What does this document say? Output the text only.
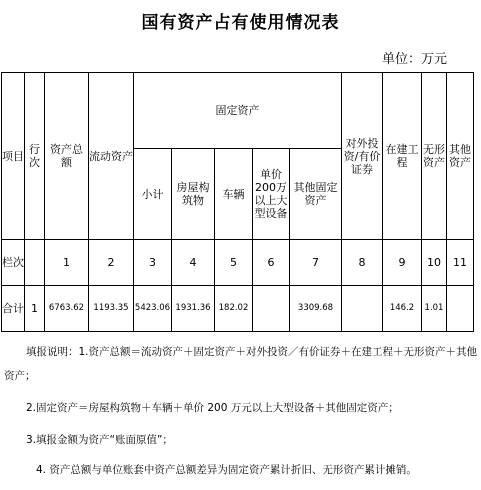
国有资产占有使用情况表
单位：万元
项目	行次	资产总额	流动资产	固定资产					对外投资/有价证券	在建工程	无形资产	其他资产
				小计	房屋构筑物	车辆	单价200万以上大型设备	其他固定资产				

栏次		1	2	3	4	5	6	7	8	9	10	11
合计	1	6763.62	1193.35	5423.06	1931.36	182.02		3309.68		146.2	1.01	

填报说明：1.资产总额＝流动资产＋固定资产＋对外投资／有价证券＋在建工程＋无形资产＋其他资产；

2.固定资产＝房屋构筑物＋车辆＋单价 200 万元以上大型设备＋其他固定资产；

3.填报金额为资产“账面原值”；

4. 资产总额与单位账套中资产总额差异为固定资产累计折旧、无形资产累计摊销。
